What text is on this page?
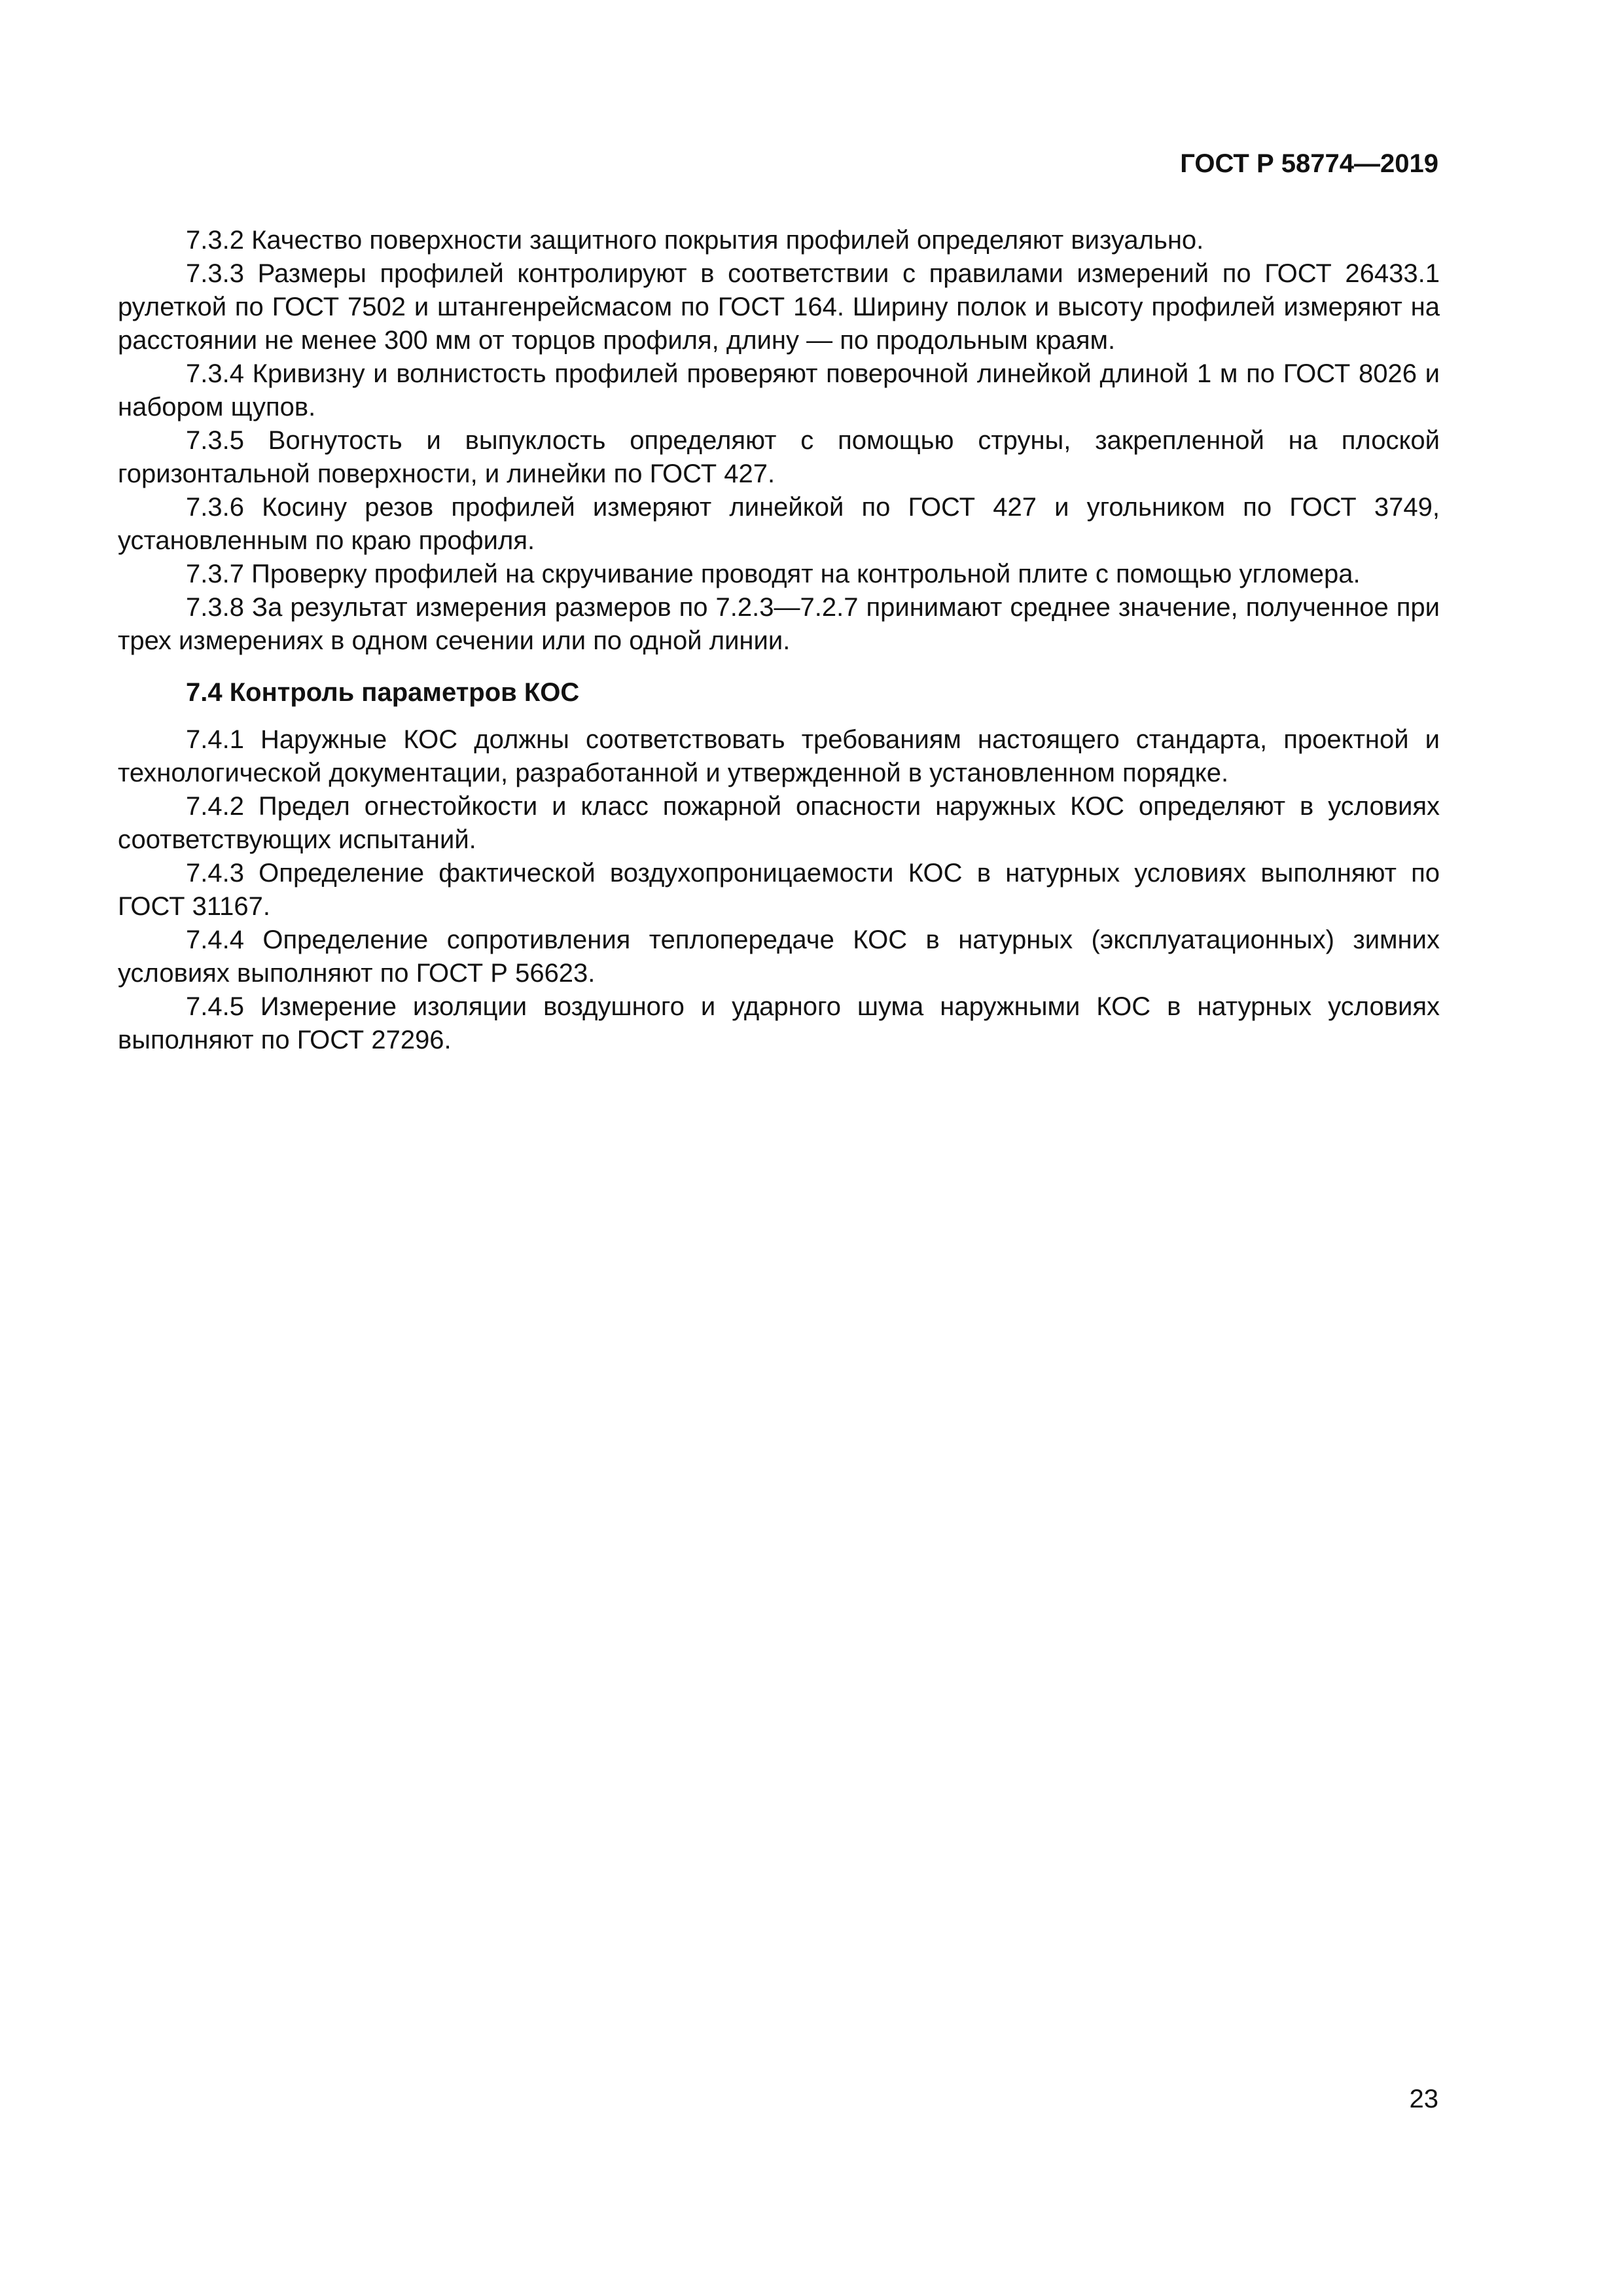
ГОСТ Р 58774—2019

7.3.2 Качество поверхности защитного покрытия профилей определяют визуально.

7.3.3 Размеры профилей контролируют в соответствии с правилами измерений по ГОСТ 26433.1 рулеткой по ГОСТ 7502 и штангенрейсмасом по ГОСТ 164. Ширину полок и высоту профилей измеряют на расстоянии не менее 300 мм от торцов профиля, длину — по продольным краям.

7.3.4 Кривизну и волнистость профилей проверяют поверочной линейкой длиной 1 м по ГОСТ 8026 и набором щупов.

7.3.5 Вогнутость и выпуклость определяют с помощью струны, закрепленной на плоской горизонтальной поверхности, и линейки по ГОСТ 427.

7.3.6 Косину резов профилей измеряют линейкой по ГОСТ 427 и угольником по ГОСТ 3749, установленным по краю профиля.

7.3.7 Проверку профилей на скручивание проводят на контрольной плите с помощью угломера.

7.3.8 За результат измерения размеров по 7.2.3—7.2.7 принимают среднее значение, полученное при трех измерениях в одном сечении или по одной линии.

7.4 Контроль параметров КОС

7.4.1 Наружные КОС должны соответствовать требованиям настоящего стандарта, проектной и технологической документации, разработанной и утвержденной в установленном порядке.

7.4.2 Предел огнестойкости и класс пожарной опасности наружных КОС определяют в условиях соответствующих испытаний.

7.4.3 Определение фактической воздухопроницаемости КОС в натурных условиях выполняют по ГОСТ 31167.

7.4.4 Определение сопротивления теплопередаче КОС в натурных (эксплуатационных) зимних условиях выполняют по ГОСТ Р 56623.

7.4.5 Измерение изоляции воздушного и ударного шума наружными КОС в натурных условиях выполняют по ГОСТ 27296.

23
